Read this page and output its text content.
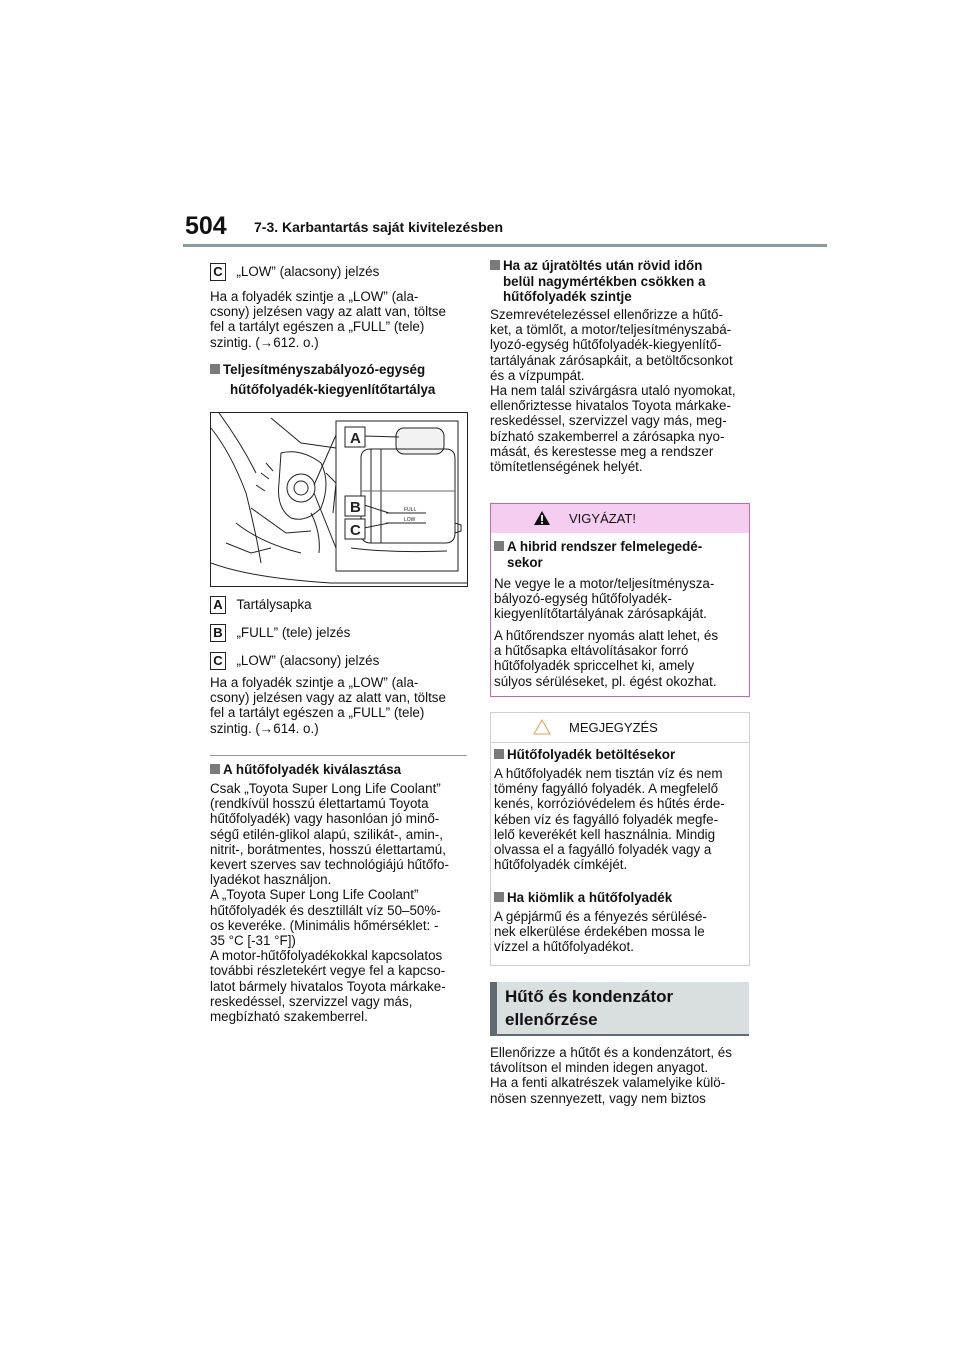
504 7-3. Karbantartás saját kivitelezésben
C „LOW” (alacsony) jelzés
Ha a folyadék szintje a „LOW” (ala-
csony) jelzésen vagy az alatt van, töltse
fel a tartályt egészen a „FULL” (tele)
szintig. (→612. o.)
Teljesítményszabályozó-egység
hűtőfolyadék-kiegyenlítőtartálya
FULL
LOW
A
B
C
A Tartálysapka
B „FULL” (tele) jelzés
C „LOW” (alacsony) jelzés
Ha a folyadék szintje a „LOW” (ala-
csony) jelzésen vagy az alatt van, töltse
fel a tartályt egészen a „FULL” (tele)
szintig. (→614. o.)
A hűtőfolyadék kiválasztása
Csak „Toyota Super Long Life Coolant”
(rendkívül hosszú élettartamú Toyota
hűtőfolyadék) vagy hasonlóan jó minő-
ségű etilén-glikol alapú, szilikát-, amin-,
nitrit-, borátmentes, hosszú élettartamú,
kevert szerves sav technológiájú hűtőfo-
lyadékot használjon.
A „Toyota Super Long Life Coolant”
hűtőfolyadék és desztillált víz 50–50%-
os keveréke. (Minimális hőmérséklet: -
35 °C [-31 °F])
A motor-hűtőfolyadékokkal kapcsolatos
további részletekért vegye fel a kapcso-
latot bármely hivatalos Toyota márkake-
reskedéssel, szervizzel vagy más,
megbízható szakemberrel.
Ha az újratöltés után rövid időn
belül nagymértékben csökken a
hűtőfolyadék szintje
Szemrevételezéssel ellenőrizze a hűtő-
ket, a tömlőt, a motor/teljesítményszabá-
lyozó-egység hűtőfolyadék-kiegyenlítő-
tartályának zárósapkáit, a betöltőcsonkot
és a vízpumpát.
Ha nem talál szivárgásra utaló nyomokat,
ellenőriztesse hivatalos Toyota márkake-
reskedéssel, szervizzel vagy más, meg-
bízható szakemberrel a zárósapka nyo-
mását, és kerestesse meg a rendszer
tömítetlenségének helyét.
VIGYÁZAT!
A hibrid rendszer felmelegedé-
sekor
Ne vegye le a motor/teljesítménysza-
bályozó-egység hűtőfolyadék-
kiegyenlítőtartályának zárósapkáját.
A hűtőrendszer nyomás alatt lehet, és
a hűtősapka eltávolításakor forró
hűtőfolyadék spriccelhet ki, amely
súlyos sérüléseket, pl. égést okozhat.
MEGJEGYZÉS
Hűtőfolyadék betöltésekor
A hűtőfolyadék nem tisztán víz és nem
tömény fagyálló folyadék. A megfelelő
kenés, korrózióvédelem és hűtés érde-
kében víz és fagyálló folyadék megfe-
lelő keverékét kell használnia. Mindig
olvassa el a fagyálló folyadék vagy a
hűtőfolyadék címkéjét.
Ha kiömlik a hűtőfolyadék
A gépjármű és a fényezés sérülésé-
nek elkerülése érdekében mossa le
vízzel a hűtőfolyadékot.
Hűtő és kondenzátor
ellenőrzése
Ellenőrizze a hűtőt és a kondenzátort, és
távolítson el minden idegen anyagot.
Ha a fenti alkatrészek valamelyike külö-
nösen szennyezett, vagy nem biztos
